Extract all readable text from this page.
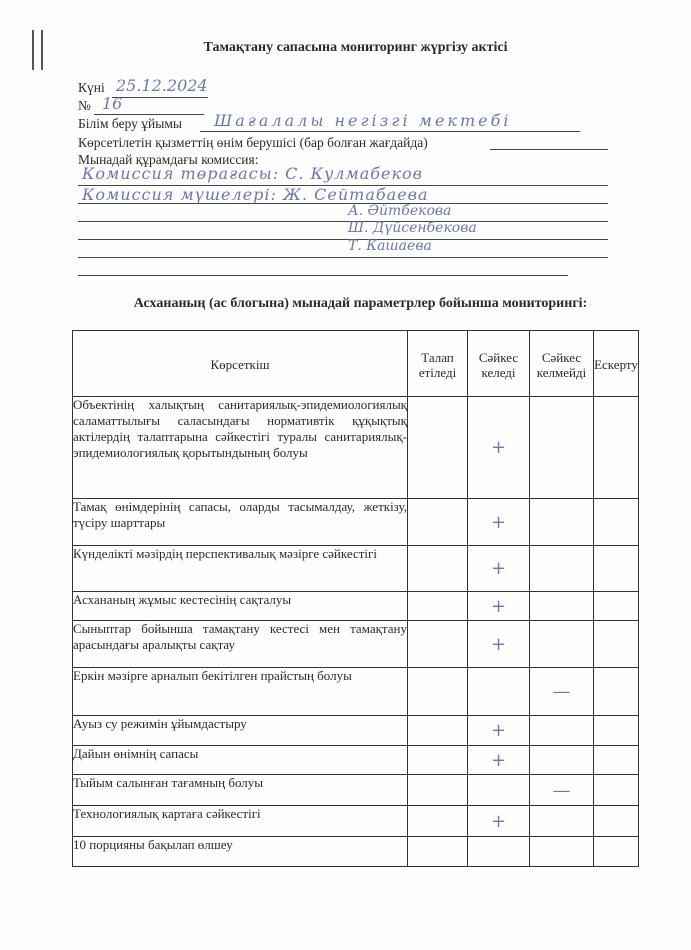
Тамақтану сапасына мониторинг жүргізу актісі
Күні 25.12.2024
№ 16
Білім беру ұйымы Шағалалы негізгі мектебі
Көрсетілетін қызметтің өнім берушісі (бар болған жағдайда)
Мынадай құрамдағы комиссия:
Комиссия төрағасы: С. Кулмабеков
Комиссия мүшелері: Ж. Сейтабаева
А. Әйтбекова
Ш. Дүйсенбекова
Т. Кашаева
Асхананың (ас блогына) мынадай параметрлер бойынша мониторингі:
Көрсеткіш	Талап етіледі	Сәйкес келеді	Сәйкес келмейді	Ескерту
Объектінің халықтың санитариялық-эпидемиологиялық саламаттылығы саласындағы нормативтік құқықтық актілердің талаптарына сәйкестігі туралы санитариялық-эпидемиологиялық қорытындының болуы		+		
Тамақ өнімдерінің сапасы, оларды тасымалдау, жеткізу, түсіру шарттары		+		
Күнделікті мәзірдің перспективалық мәзірге сәйкестігі		+		
Асхананың жұмыс кестесінің сақталуы		+		
Сыныптар бойынша тамақтану кестесі мен тамақтану арасындағы аралықты сақтау		+		
Еркін мәзірге арналып бекітілген прайстың болуы			—	
Ауыз су режимін ұйымдастыру		+		
Дайын өнімнің сапасы		+		
Тыйым салынған тағамның болуы			—	
Технологиялық картаға сәйкестігі		+		
10 порцияны бақылап өлшеу				
